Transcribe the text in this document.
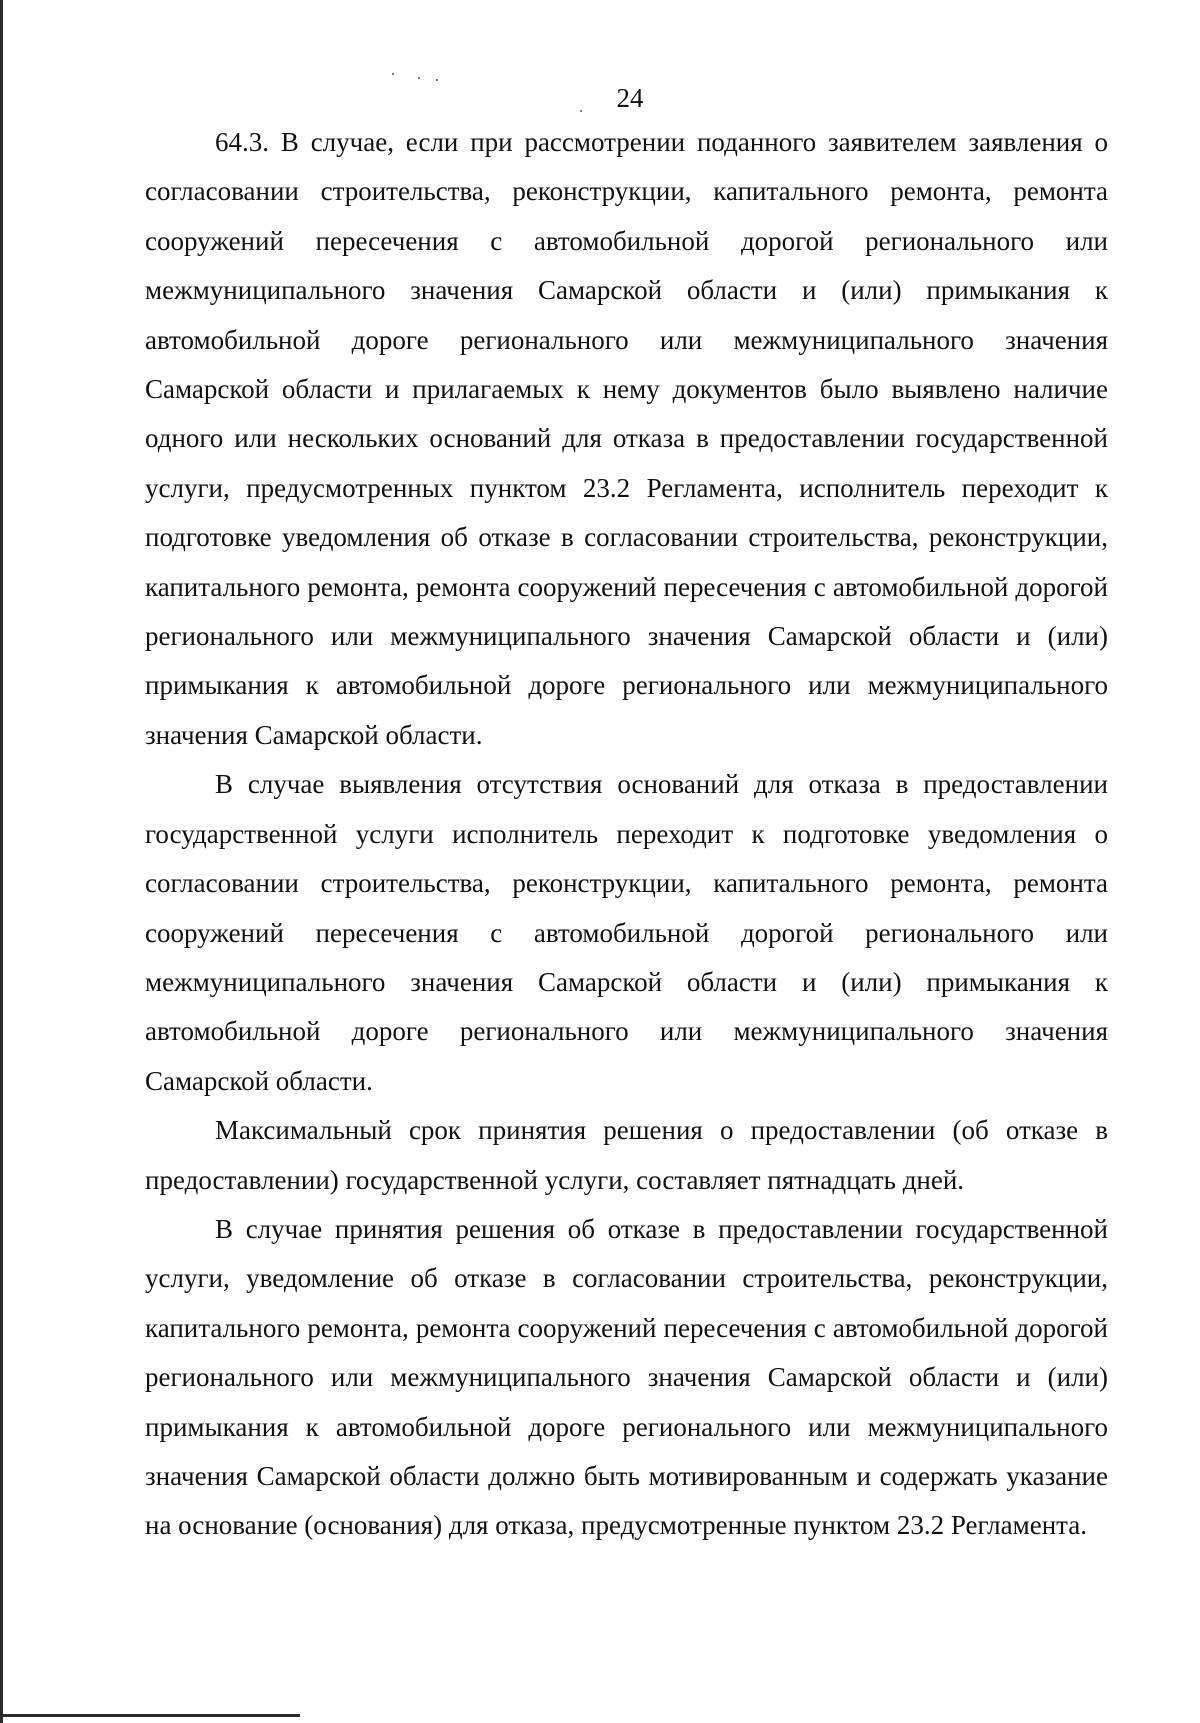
24

64.3. В случае, если при рассмотрении поданного заявителем заявления о согласовании строительства, реконструкции, капитального ремонта, ремонта сооружений пересечения с автомобильной дорогой регионального или межмуниципального значения Самарской области и (или) примыкания к автомобильной дороге регионального или межмуниципального значения Самарской области и прилагаемых к нему документов было выявлено наличие одного или нескольких оснований для отказа в предоставлении государственной услуги, предусмотренных пунктом 23.2 Регламента, исполнитель переходит к подготовке уведомления об отказе в согласовании строительства, реконструкции, капитального ремонта, ремонта сооружений пересечения с автомобильной дорогой регионального или межмуниципального значения Самарской области и (или) примыкания к автомобильной дороге регионального или межмуниципального значения Самарской области.

В случае выявления отсутствия оснований для отказа в предоставлении государственной услуги исполнитель переходит к подготовке уведомления о согласовании строительства, реконструкции, капитального ремонта, ремонта сооружений пересечения с автомобильной дорогой регионального или межмуниципального значения Самарской области и (или) примыкания к автомобильной дороге регионального или межмуниципального значения Самарской области.

Максимальный срок принятия решения о предоставлении (об отказе в предоставлении) государственной услуги, составляет пятнадцать дней.

В случае принятия решения об отказе в предоставлении государственной услуги, уведомление об отказе в согласовании строительства, реконструкции, капитального ремонта, ремонта сооружений пересечения с автомобильной дорогой регионального или межмуниципального значения Самарской области и (или) примыкания к автомобильной дороге регионального или межмуниципального значения Самарской области должно быть мотивированным и содержать указание на основание (основания) для отказа, предусмотренные пунктом 23.2 Регламента.
